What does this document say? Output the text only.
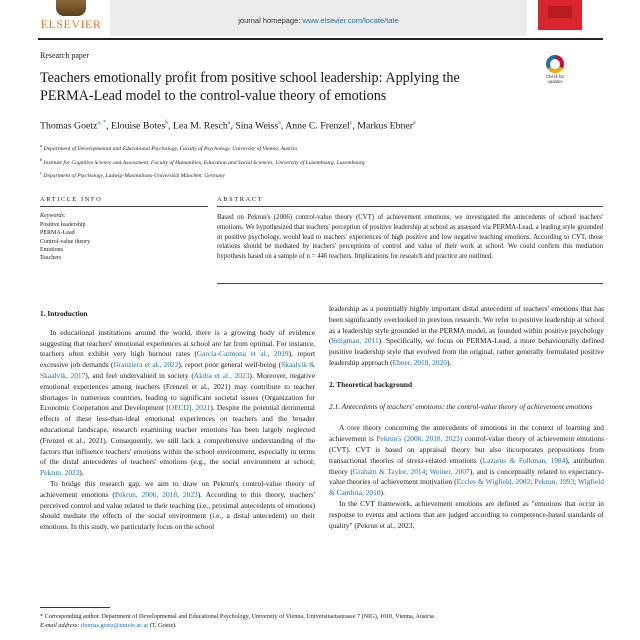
ELSEVIER	journal homepage: www.elsevier.com/locate/tate
Research paper
Teachers emotionally profit from positive school leadership: Applying the PERMA-Lead model to the control-value theory of emotions
Check for updates
Thomas Goetz$^{a, *}$, Elouise Botes$^b$, Lea M. Resch$^a$, Sina Weiss$^a$, Anne C. Frenzel$^c$, Markus Ebner$^a$
$^a$ Department of Developmental and Educational Psychology, Faculty of Psychology, University of Vienna, Austria
$^b$ Institute for Cognitive Science and Assessment, Faculty of Humanities, Education and Social Sciences, University of Luxembourg, Luxembourg
$^c$ Department of Psychology, Ludwig-Maximilians-Universität München, Germany
ARTICLE INFO	ABSTRACT
Keywords:
Positive leadership
PERMA-Lead
Control-value theory
Emotions
Teachers
Based on Pekrun's (2006) control-value theory (CVT) of achievement emotions, we investigated the antecedents of school teachers' emotions. We hypothesized that teachers' perception of positive leadership at school as assessed via PERMA-Lead, a leading style grounded in positive psychology, would lead to teachers' experiences of high positive and low negative teaching emotions. According to CVT, those relations should be mediated by teachers' perceptions of control and value of their work at school. We could confirm this mediation hypothesis based on a sample of n = 446 teachers. Implications for research and practice are outlined.
1. Introduction

In educational institutions around the world, there is a growing body of evidence suggesting that teachers' emotional experiences at school are far from optimal. For instance, teachers often exhibit very high burnout rates (García-Carmona et al., 2019), report excessive job demands (Granziera et al., 2022), report poor general well-being (Skaalvik & Skaalvik, 2017), and feel undervalued in society (Akiba et al., 2023). Moreover, negative emotional experiences among teachers (Frenzel et al., 2021) may contribute to teacher shortages in numerous countries, leading to significant societal issues (Organization for Economic Cooperation and Development [OECD], 2021). Despite the potential detrimental effects of these less-than-ideal emotional experiences on teachers and the broader educational landscape, research examining teacher emotions has been largely neglected (Frenzel et al., 2021). Consequently, we still lack a comprehensive understanding of the factors that influence teachers' emotions within the school environment, especially in terms of the distal antecedents of teachers' emotions (e.g., the social environment at school; Pekrun, 2023).

To bridge this research gap, we aim to draw on Pekrun's control-value theory of achievement emotions (Pekrun, 2006, 2018, 2023). According to this theory, teachers' perceived control and value related to their teaching (i.e., proximal antecedents of emotions) should mediate the effects of the social environment (i.e., a distal antecedent) on their emotions. In this study, we particularly focus on the school

leadership as a potentially highly important distal antecedent of teachers' emotions that has been significantly overlooked in previous research. We refer to positive leadership at school as a leadership style grounded in the PERMA model, as founded within positive psychology (Seligman, 2011). Specifically, we focus on PERMA-Lead, a more behaviourally defined positive leadership style that evolved from the original, rather generally formulated positive leadership approach (Ebner, 2019, 2020).

2. Theoretical background
2.1. Antecedents of teachers' emotions: the control-value theory of achievement emotions

A core theory concerning the antecedents of emotions in the context of learning and achievement is Pekrun's (2006, 2018, 2023) control-value theory of achievement emotions (CVT). CVT is based on appraisal theory but also incorporates propositions from transactional theories of stress-related emotions (Lazarus & Folkman, 1984), attribution theory (Graham & Taylor, 2014; Weiner, 2007), and is conceptually related to expectancy-value theories of achievement motivation (Eccles & Wigfield, 2002; Pekrun, 1993; Wigfield & Cambria, 2010).

In the CVT framework, achievement emotions are defined as "emotions that occur in response to events and actions that are judged according to competence-based standards of quality" (Pekrun et al., 2023,

* Corresponding author. Department of Developmental and Educational Psychology, University of Vienna, Universitaetsstrasse 7 (NIG), 1010, Vienna, Austria.
E-mail address: thomas.goetz@univie.ac.at (T. Goetz).
